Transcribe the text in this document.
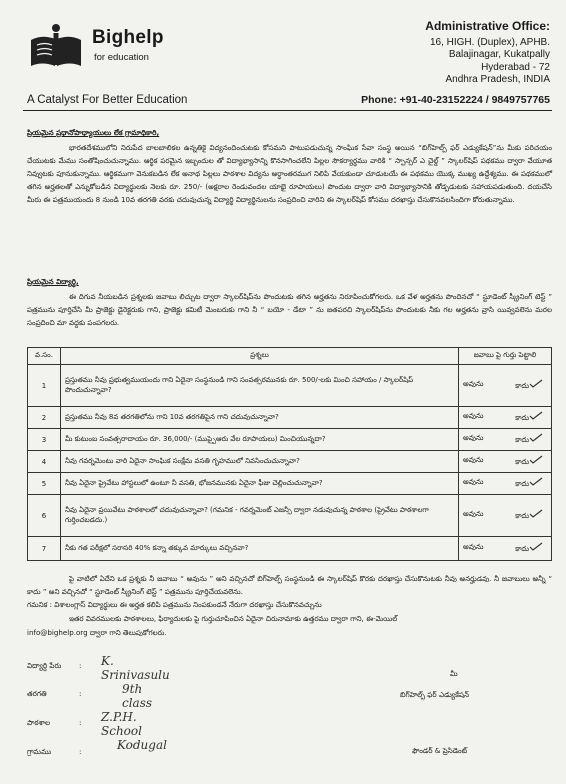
Bighelp
for education
A Catalyst For Better Education
Administrative Office:
16, HIGH. (Duplex), APHB.
Balajinagar, Kukatpally
Hyderabad - 72
Andhra Pradesh, INDIA
Phone: +91-40-23152224 / 9849757765
ప్రియమైన ప్రధానోపాధ్యాయులు లేక గ్రామాధికారి,
భారతదేశములోని నిరుపేద బాలబాలికల ఉన్నతికై విద్యనందించుటకు కోసమని పాటుపడుచున్న సాంఘిక సేవా సంస్థ అయిన “బిగ్‌హెల్ప్ ఫర్ ఎడ్యుకేషన్”ను మీకు పరిచయం చేయుటకు మేము సంతోషించుచున్నాము. ఆర్థిక పరమైన ఇబ్బందుల తో విద్యాభ్యాసాన్ని కొనసాగించలేని పిల్లల సౌకర్యార్థము వారికి “ స్పాన్సర్ ఎ చైల్డ్ ” స్కాలర్‌షిప్ పథకము ద్వారా వేయూత నివ్వుటకు పూనుకున్నాము. ఆర్థికముగా వెనుకబడిన లేక అనాథ పిల్లలు పాఠశాల విద్యను అర్ధాంతరముగ నిలిపి వేయకుండా చూడుటయే ఈ పథకము యొక్క ముఖ్య ఉద్దేశ్యము. ఈ పథకములో తగిన అర్హతలతో ఎన్నుకోబడిన విద్యార్థులకు నెలకు రూ. 250/- (అక్షరాల రెండువందల యాభై రూపాయలు) పొందుట ద్వారా వారి విద్యాభ్యాసానికి తోడ్పడుటకు సహాయపడుతుంది. దయచేసి మీరు ఈ పత్రముయందు 8 నుండి 10వ తరగతి వరకు చదువుచున్న విద్యార్థి విద్యార్థినులను సంప్రదించి వారిని ఈ స్కాలర్‌షిప్ కోసము దరఖాస్తు చేసుకొనవలసిందిగా కోరుతున్నాము.
ప్రియమైన విద్యార్థి,
ఈ దిగువ నీయబడిన ప్రశ్నలకు జవాబు లిచ్చుట ద్వారా స్కాలర్‌షిప్‌ను పొందుటకు తగిన అర్హతను నిరూపించుకోగలరు. ఒక వేళ అర్హతను పొందినచో “ స్టూడెంట్ స్క్రీనింగ్ టెస్ట్ ” పత్రమును పూర్తిచేసి మీ ప్రాజెక్టు డైరెక్టరుకు గాని, ప్రాజెక్టు కమిటీ మెంబరుకు గాని నీ “ బయో - డేటా ” ను జతపరచి స్కాలర్‌షిప్‌ను పొందుటకు నీకు గల అర్హతను వ్రాసి యివ్వవలెను మరల సంప్రదించి మా వద్దకు పంపగలరు.
వ.సం.	ప్రశ్నలు	జవాబు పై గుర్తు పెట్టాలి
1	ప్రస్తుతము నీవు ప్రభుత్వముయందు గాని ఏదైనా సంస్థనుండి గాని సంవత్సరమునకు రూ. 500/-లకు మించి సహాయం / స్కాలర్‌షిప్ పొందుచున్నావా?	అవును కాదు

2	ప్రస్తుతము నీవు 8వ తరగతిలోను గాని 10వ తరగతిపైన గాని చదువుచున్నావా?	అవును కాదు

3	మీ కుటుంబ సంవత్సరాదాయం రూ. 36,000/- (ముప్పైఆరు వేల రూపాయలు) మించియున్నదా?	అవును కాదు

4	నీవు గవర్నమెంటు వారి ఏదైనా సాంఘిక సంక్షేమ వసతి గృహములో నివసించుచున్నావా?	అవును కాదు

5	నీవు ఏదైనా ప్రైవేటు హాస్టలులో ఉంటూ నీ వసతి, భోజనమునకు ఏదైనా ఫీజు చెల్లించుచున్నావా?	అవును కాదు

6	నీవు ఏదైనా ప్రయివేటు పాఠశాలలో చదువుచున్నావా? (గమనిక - గవర్నమెంట్ ఎజన్సీ ద్వారా నడువుచున్న పాఠశాల (ప్రైవేటు పాఠశాలగా గుర్తించబడదు.)	అవును కాదు

7	నీకు గత పరీక్షలో సరాసరి 40% కన్నా తక్కువ మార్కులు వచ్చినవా?	అవును కాదు
పై వాటిలో ఏదేని ఒక ప్రశ్నకు నీ జవాబు “ అవును ” అని వచ్చినచో బిగ్‌హెల్ప్ సంస్థనుండి ఈ స్కాలర్‌షిప్ కొరకు దరఖాస్తు చేసుకొనుటకు నీవు అనర్హుడవు. నీ జవాబులు అన్నీ “ కాదు ” అని వచ్చినచో “ స్టూడెంట్ స్క్రీనింగ్ టెస్ట్ ” పత్రమును పూర్తిచేయవలెను.
గమనిక : విశాలంగ్లాస్ విద్యార్థులు ఈ అర్హత కలిపి పత్రమును నింపకుండనే నేరుగా దరఖాస్తు చేసుకొనవచ్చును
ఇతర వివరములకు పాఠశాలలు, ఫిర్యాదులకు పై గుర్తుచూపించిన ఏదైనా చిరునామాకు ఉత్తరము ద్వారా గాని, ఈ-మెయిల్
info@bighelp.org ద్వారా గాని తెలుపుకోగలరు.
విద్యార్థి పేరు : K. Srinivasulu
తరగతి	:	9th class
పాఠశాల	: Z.P.H. School
గ్రామము	:	Kodugal
మీ
బిగ్‌హెల్ప్ ఫర్ ఎడ్యుకేషన్
ఫౌండర్ & ప్రెసిడెంట్
